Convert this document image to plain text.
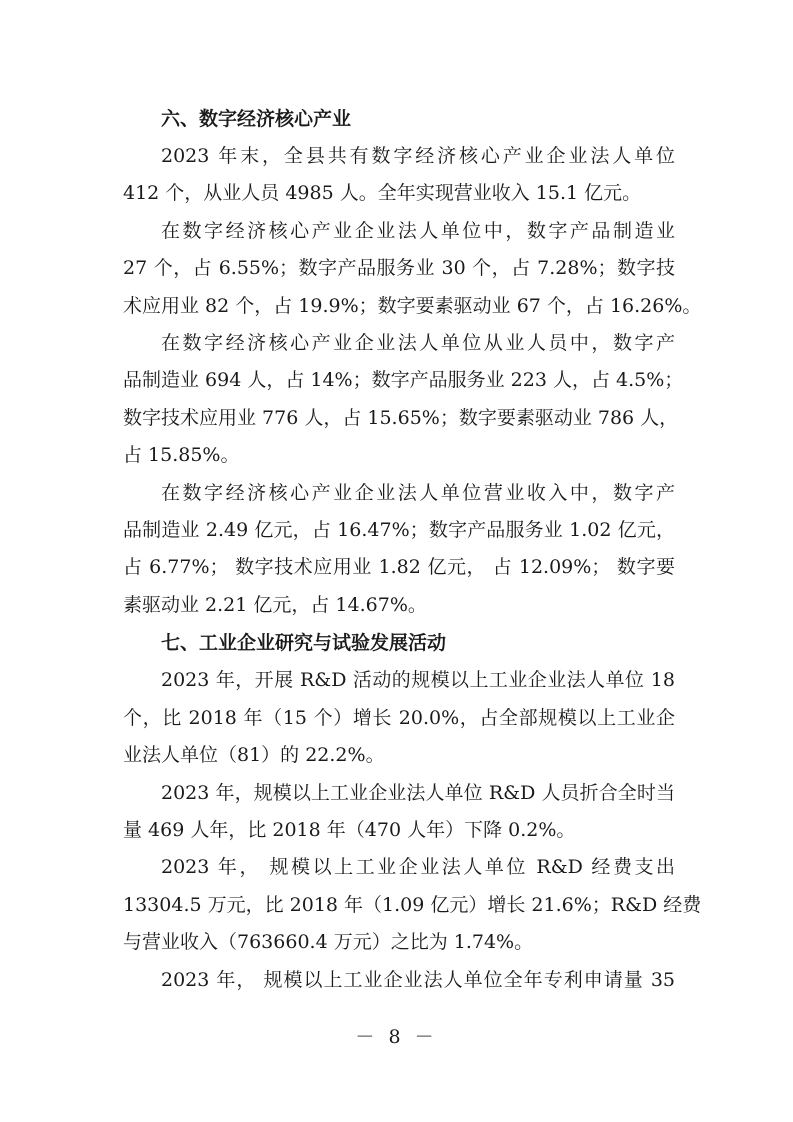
六、数字经济核心产业

2023 年末，全县共有数字经济核心产业企业法人单位
412 个，从业人员 4985 人。全年实现营业收入 15.1 亿元。

在数字经济核心产业企业法人单位中，数字产品制造业
27 个，占 6.55%；数字产品服务业 30 个，占 7.28%；数字技
术应用业 82 个，占 19.9%；数字要素驱动业 67 个，占 16.26%。

在数字经济核心产业企业法人单位从业人员中，数字产
品制造业 694 人，占 14%；数字产品服务业 223 人，占 4.5%；
数字技术应用业 776 人，占 15.65%；数字要素驱动业 786 人，
占 15.85%。

在数字经济核心产业企业法人单位营业收入中，数字产
品制造业 2.49 亿元，占 16.47%；数字产品服务业 1.02 亿元，
占 6.77%； 数字技术应用业 1.82 亿元， 占 12.09%； 数字要
素驱动业 2.21 亿元，占 14.67%。

七、工业企业研究与试验发展活动

2023 年，开展 R&D 活动的规模以上工业企业法人单位 18
个，比 2018 年（15 个）增长 20.0%，占全部规模以上工业企
业法人单位（81）的 22.2%。

2023 年，规模以上工业企业法人单位 R&D 人员折合全时当
量 469 人年，比 2018 年（470 人年）下降 0.2%。

2023 年， 规模以上工业企业法人单位 R&D 经费支出
13304.5 万元，比 2018 年（1.09 亿元）增长 21.6%；R&D 经费
与营业收入（763660.4 万元）之比为 1.74%。

2023 年， 规模以上工业企业法人单位全年专利申请量 35

－ 8 －
